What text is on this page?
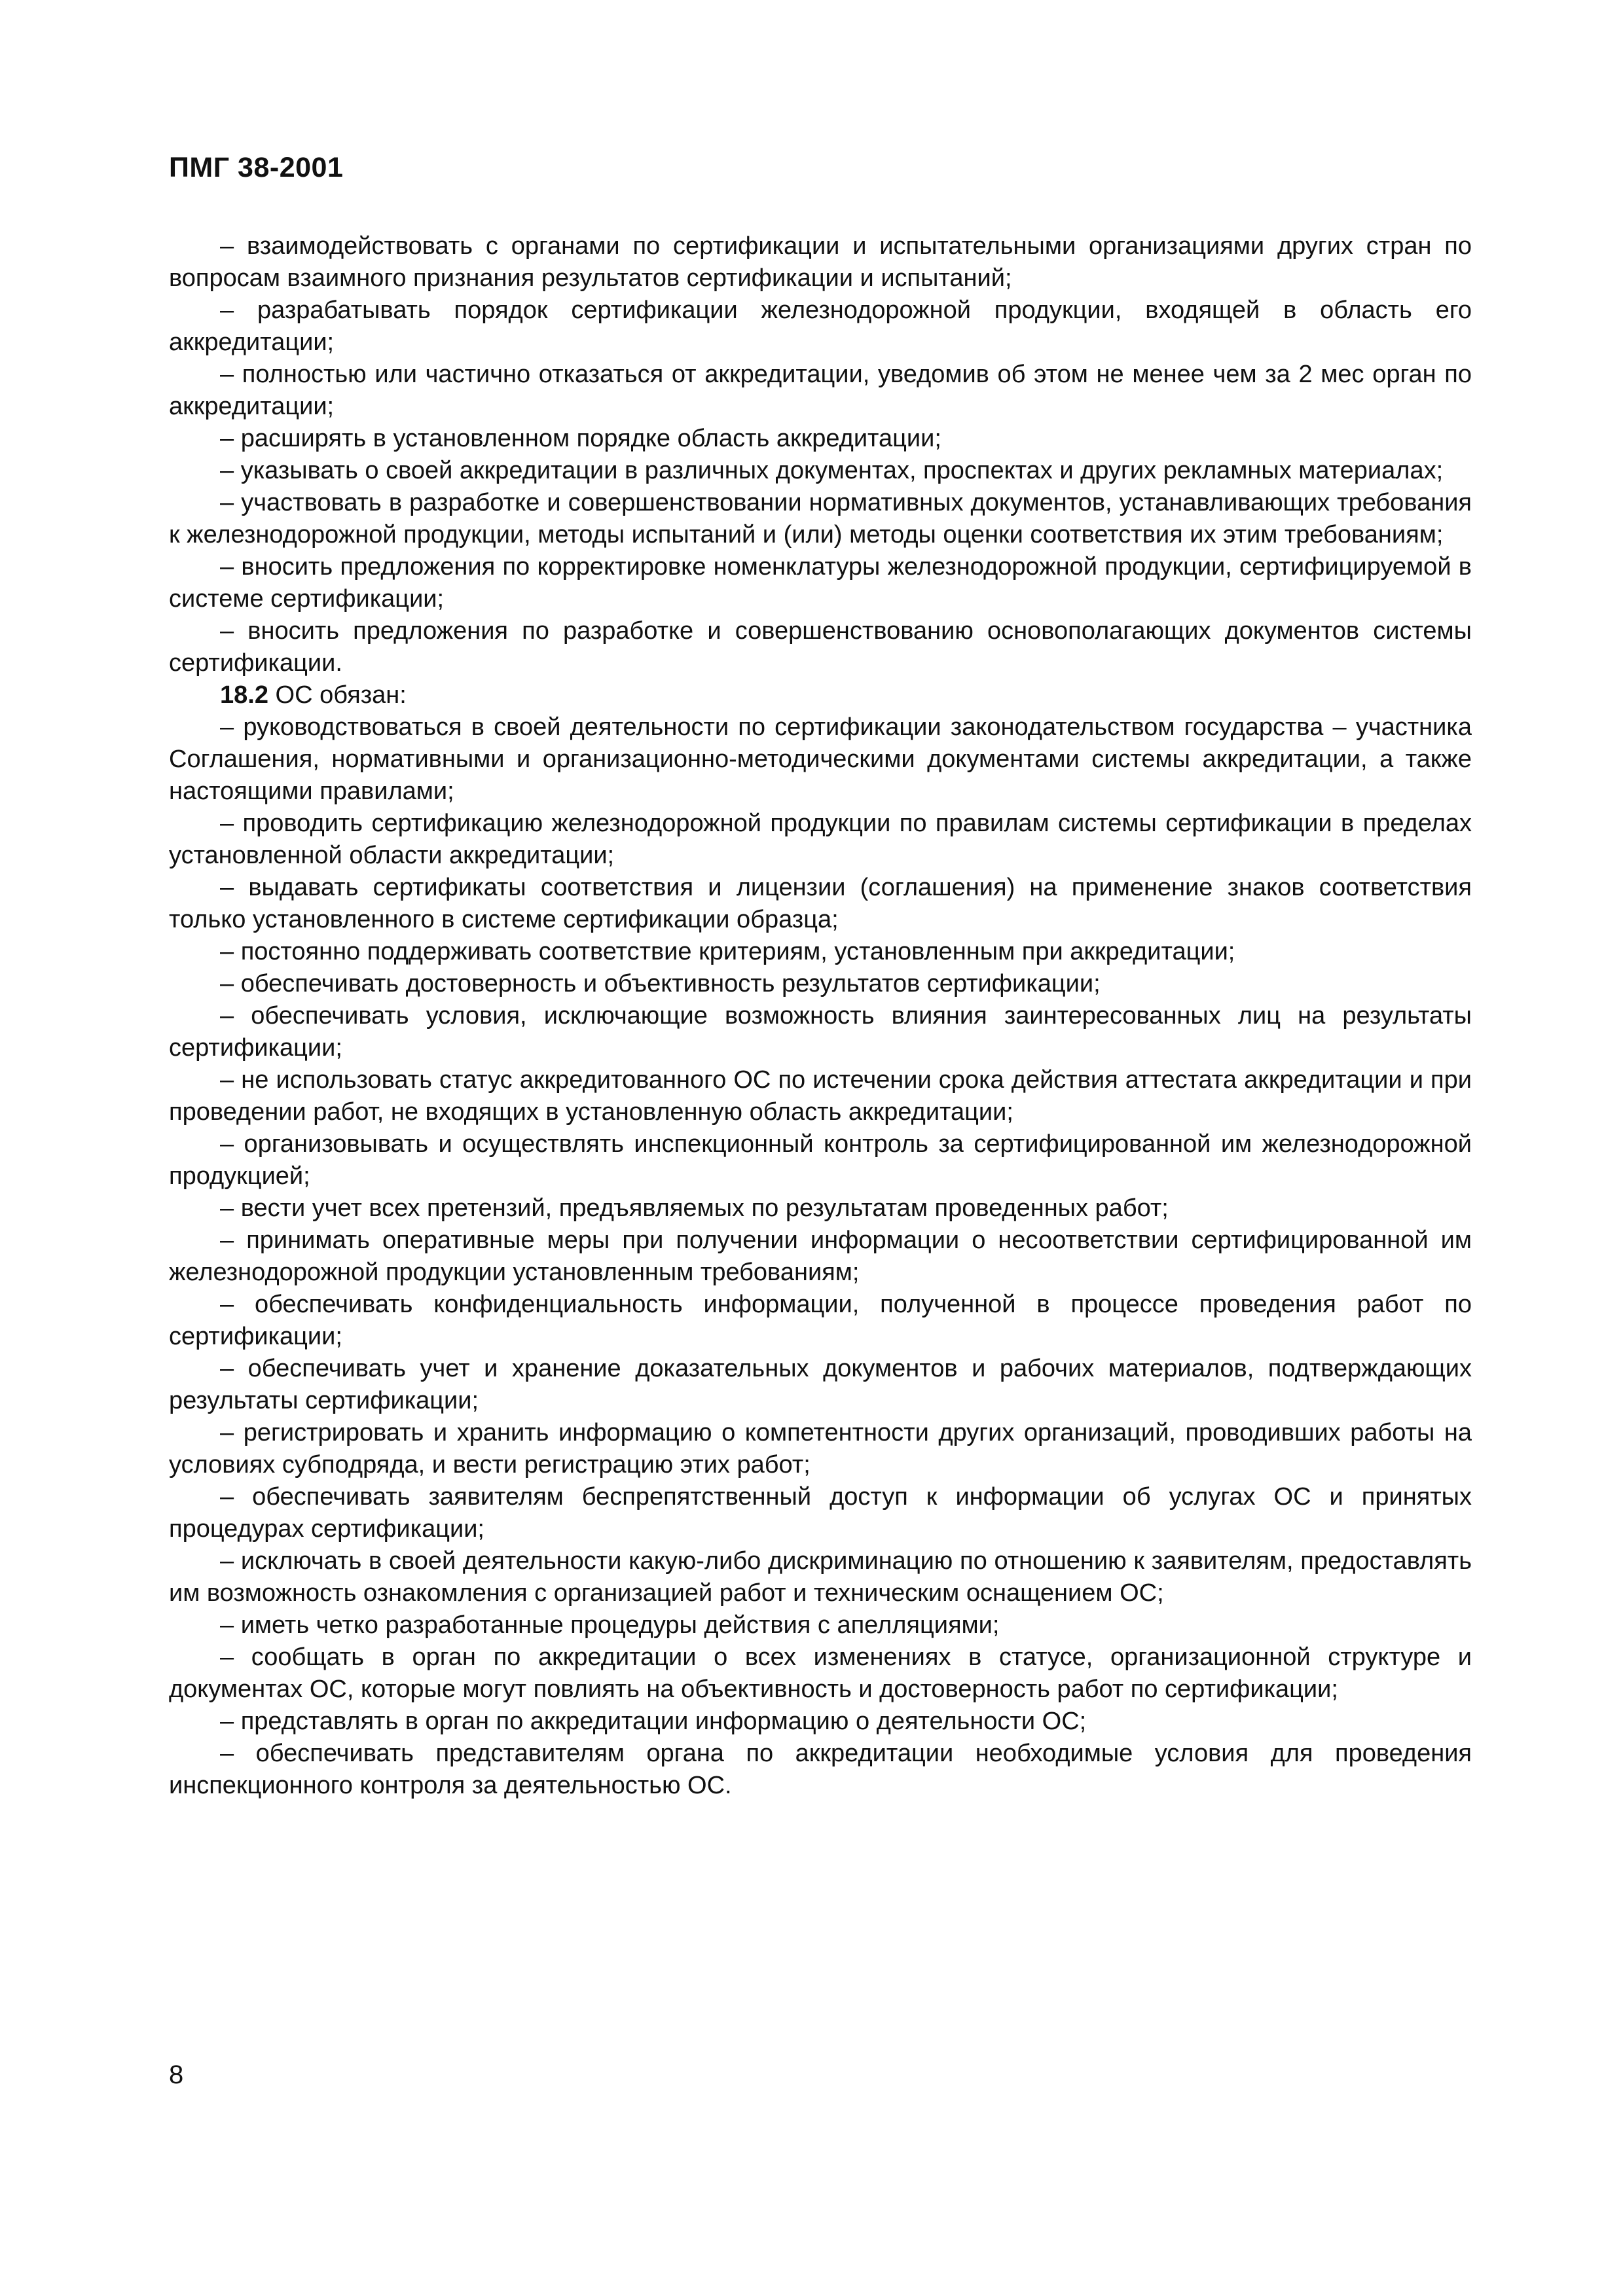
ПМГ 38-2001

– взаимодействовать с органами по сертификации и испытательными организациями других стран по вопросам взаимного признания результатов сертификации и испытаний;

– разрабатывать порядок сертификации железнодорожной продукции, входящей в область его аккредитации;

– полностью или частично отказаться от аккредитации, уведомив об этом не менее чем за 2 мес орган по аккредитации;

– расширять в установленном порядке область аккредитации;

– указывать о своей аккредитации в различных документах, проспектах и других рекламных материалах;

– участвовать в разработке и совершенствовании нормативных документов, устанавливающих требования к железнодорожной продукции, методы испытаний и (или) методы оценки соответствия их этим требованиям;

– вносить предложения по корректировке номенклатуры железнодорожной продукции, сертифицируемой в системе сертификации;

– вносить предложения по разработке и совершенствованию основополагающих документов системы сертификации.

18.2 ОС обязан:

– руководствоваться в своей деятельности по сертификации законодательством государства – участника Соглашения, нормативными и организационно-методическими документами системы аккредитации, а также настоящими правилами;

– проводить сертификацию железнодорожной продукции по правилам системы сертификации в пределах установленной области аккредитации;

– выдавать сертификаты соответствия и лицензии (соглашения) на применение знаков соответствия только установленного в системе сертификации образца;

– постоянно поддерживать соответствие критериям, установленным при аккредитации;

– обеспечивать достоверность и объективность результатов сертификации;

– обеспечивать условия, исключающие возможность влияния заинтересованных лиц на результаты сертификации;

– не использовать статус аккредитованного ОС по истечении срока действия аттестата аккредитации и при проведении работ, не входящих в установленную область аккредитации;

– организовывать и осуществлять инспекционный контроль за сертифицированной им железнодорожной продукцией;

– вести учет всех претензий, предъявляемых по результатам проведенных работ;

– принимать оперативные меры при получении информации о несоответствии сертифицированной им железнодорожной продукции установленным требованиям;

– обеспечивать конфиденциальность информации, полученной в процессе проведения работ по сертификации;

– обеспечивать учет и хранение доказательных документов и рабочих материалов, подтверждающих результаты сертификации;

– регистрировать и хранить информацию о компетентности других организаций, проводивших работы на условиях субподряда, и вести регистрацию этих работ;

– обеспечивать заявителям беспрепятственный доступ к информации об услугах ОС и принятых процедурах сертификации;

– исключать в своей деятельности какую-либо дискриминацию по отношению к заявителям, предоставлять им возможность ознакомления с организацией работ и техническим оснащением ОС;

– иметь четко разработанные процедуры действия с апелляциями;

– сообщать в орган по аккредитации о всех изменениях в статусе, организационной структуре и документах ОС, которые могут повлиять на объективность и достоверность работ по сертификации;

– представлять в орган по аккредитации информацию о деятельности ОС;

– обеспечивать представителям органа по аккредитации необходимые условия для проведения инспекционного контроля за деятельностью ОС.

8
